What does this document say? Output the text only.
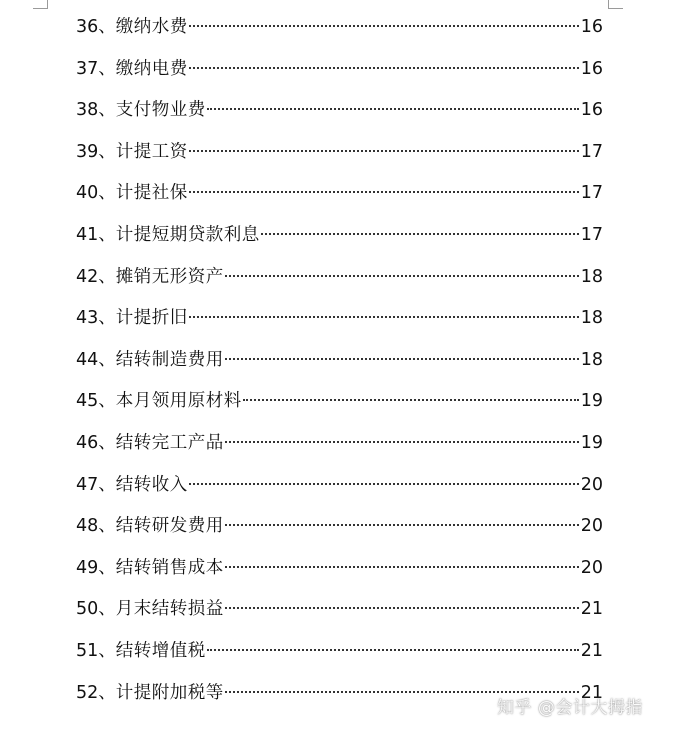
36、 缴纳水费	16
37、 缴纳电费	16
38、 支付物业费	16
39、 计提工资	17
40、 计提社保	17
41、 计提短期贷款利息	17
42、 摊销无形资产	18
43、 计提折旧	18
44、 结转制造费用	18
45、 本月领用原材料	19
46、 结转完工产品	19
47、 结转收入	20
48、 结转研发费用	20
49、 结转销售成本	20
50、 月末结转损益	21
51、 结转增值税	21
52、 计提附加税等	21
知乎 @会计大拇指
